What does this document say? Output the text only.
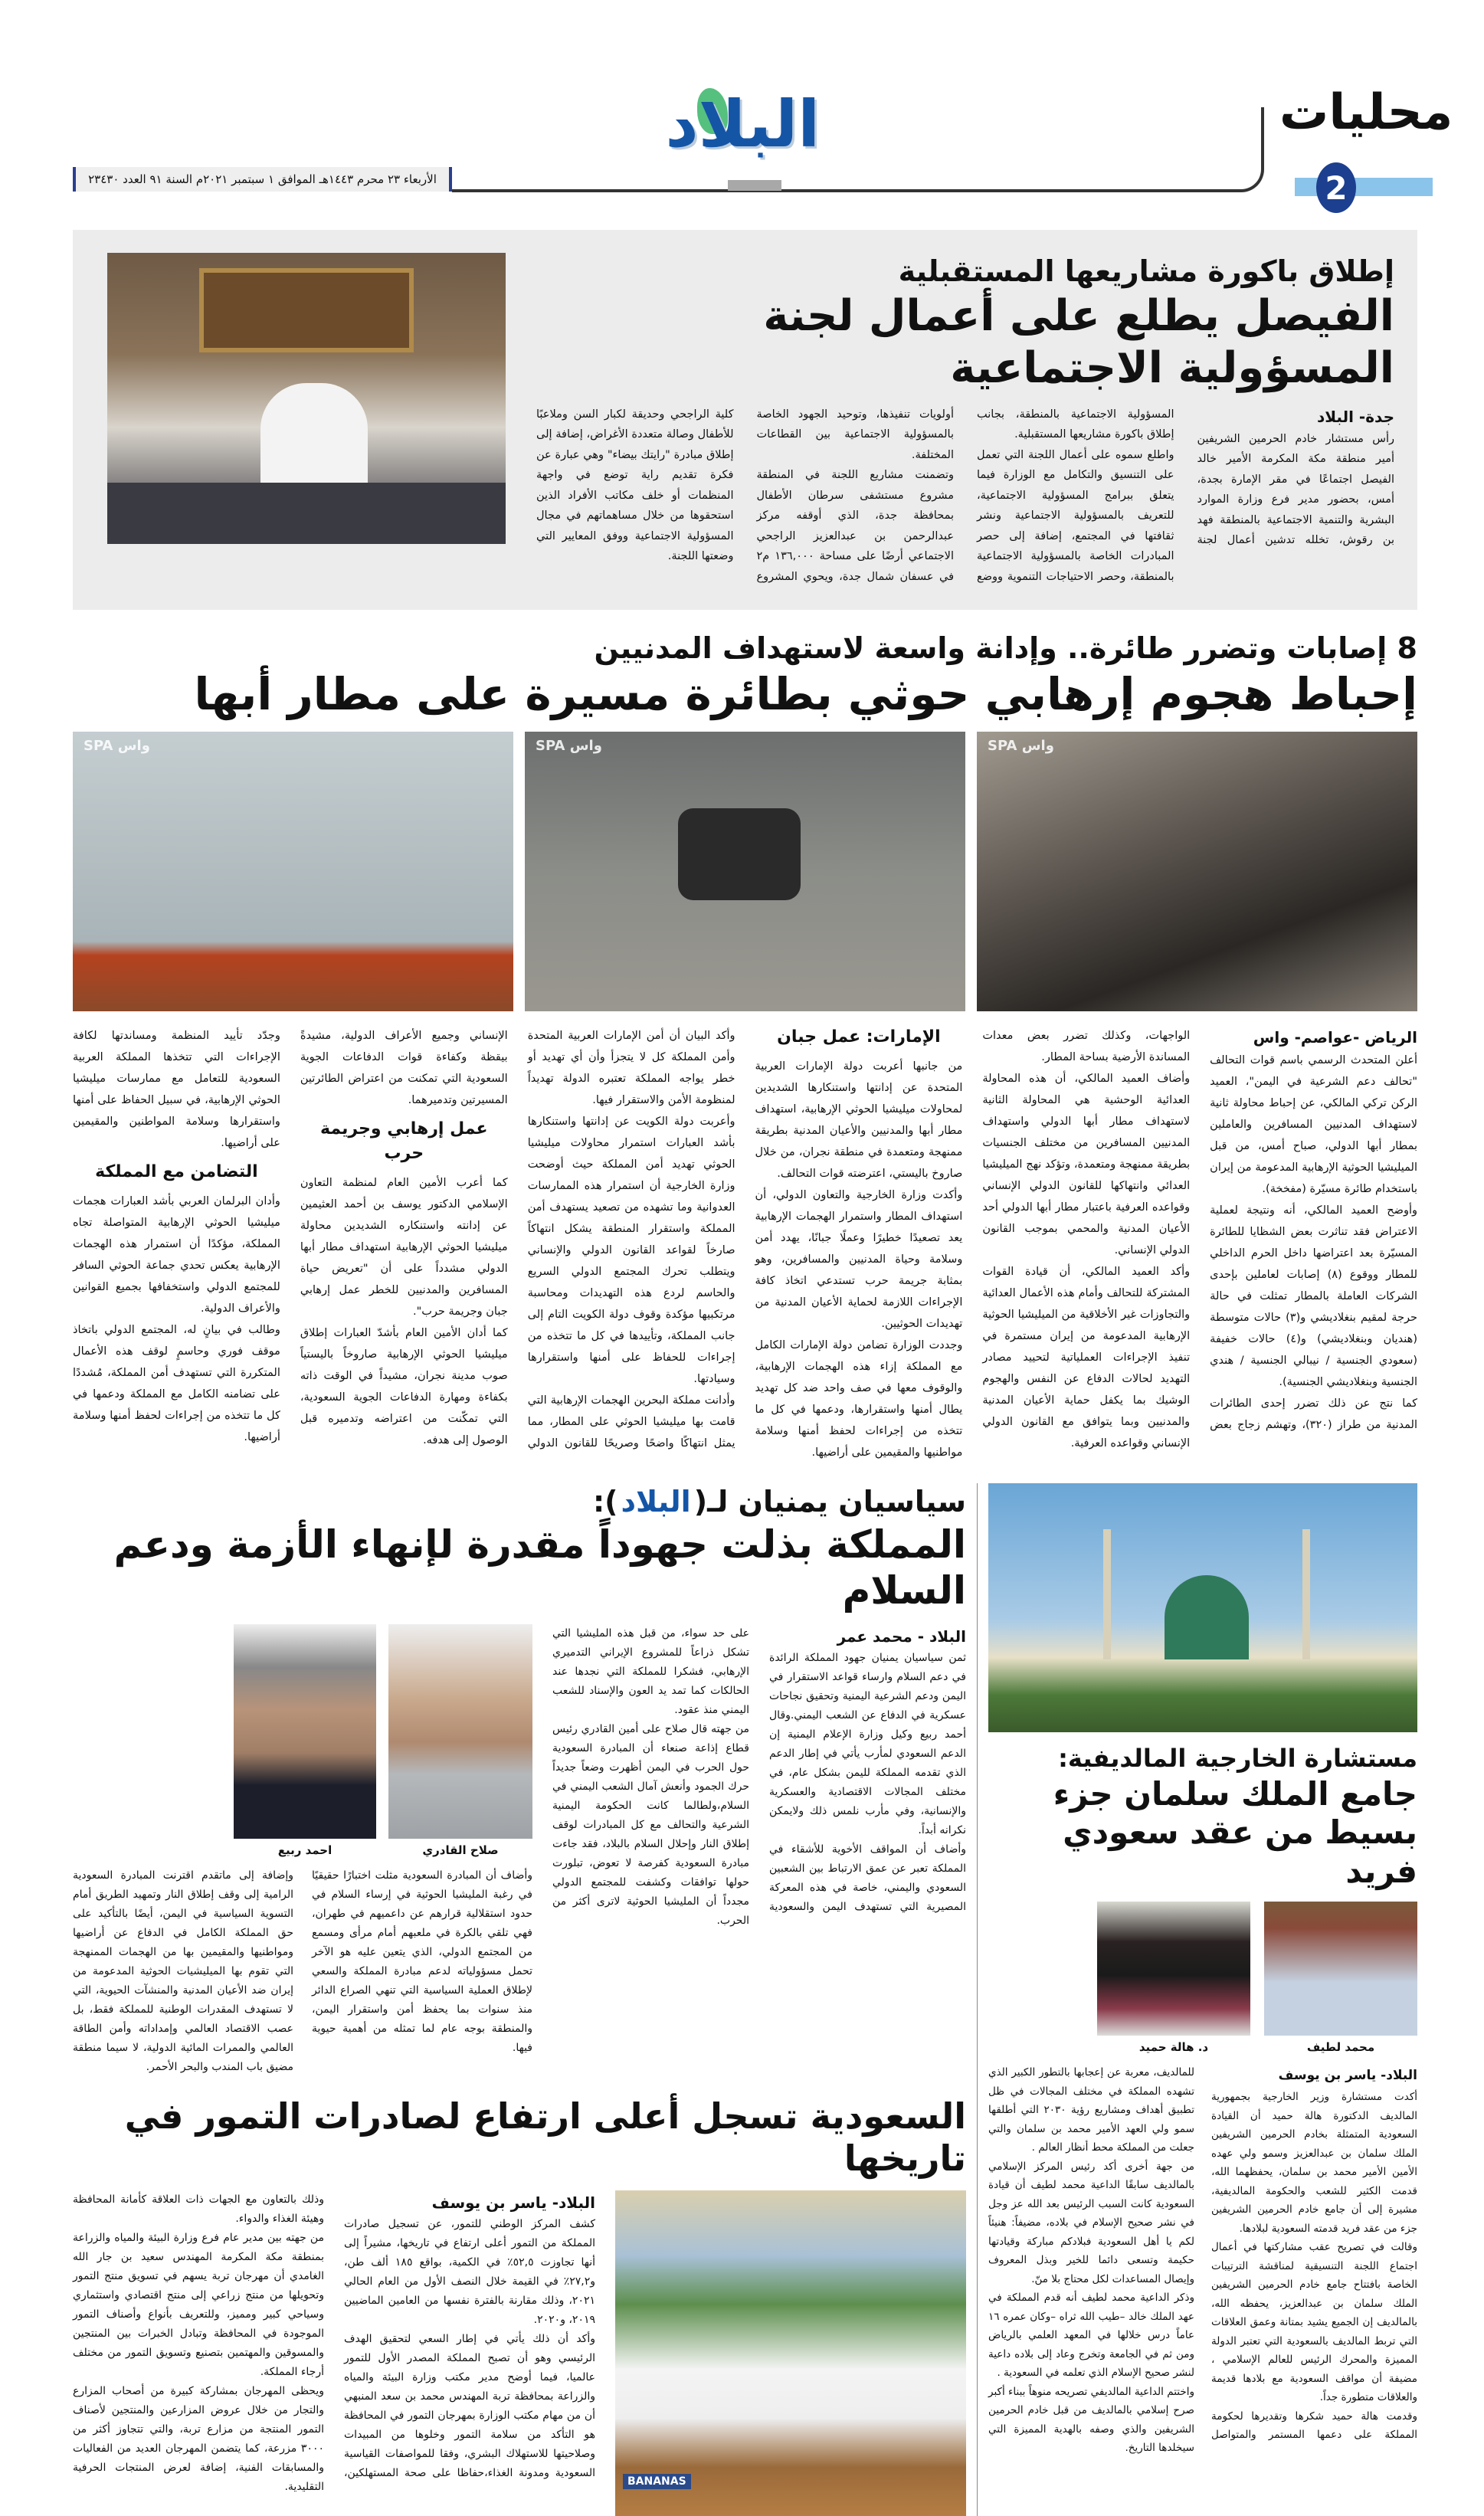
محليات
2
البلاد
الأربعاء ٢٣ محرم ١٤٤٣هـ الموافق ١ سبتمبر ٢٠٢١م السنة ٩١ العدد ٢٣٤٣٠
إطلاق باكورة مشاريعها المستقبلية
الفيصل يطلع على أعمال لجنة المسؤولية الاجتماعية

جدة- البلاد

رأس مستشار خادم الحرمين الشريفين أمير منطقة مكة المكرمة الأمير خالد الفيصل اجتماعًا في مقر الإمارة بجدة، أمس، بحضور مدير فرع وزارة الموارد البشرية والتنمية الاجتماعية بالمنطقة فهد بن رقوش، تخلله تدشين أعمال لجنة المسؤولية الاجتماعية بالمنطقة، بجانب إطلاق باكورة مشاريعها المستقبلية.

واطلع سموه على أعمال اللجنة التي تعمل على التنسيق والتكامل مع الوزارة فيما يتعلق ببرامج المسؤولية الاجتماعية، للتعريف بالمسؤولية الاجتماعية ونشر ثقافتها في المجتمع، إضافة إلى حصر المبادرات الخاصة بالمسؤولية الاجتماعية بالمنطقة، وحصر الاحتياجات التنموية ووضع أولويات تنفيذها، وتوحيد الجهود الخاصة بالمسؤولية الاجتماعية بين القطاعات المختلفة.

وتضمنت مشاريع اللجنة في المنطقة مشروع مستشفى سرطان الأطفال بمحافظة جدة، الذي أوقفه مركز عبدالرحمن بن عبدالعزيز الراجحي الاجتماعي أرضًا على مساحة ١٣٦,٠٠٠ م٢ في عسفان شمال جدة، ويحوي المشروع كلية الراجحي وحديقة لكبار السن وملاعبًا للأطفال وصالة متعددة الأغراض، إضافة إلى إطلاق مبادرة "رايتك بيضاء" وهي عبارة عن فكرة تقديم راية توضع في واجهة المنظمات أو خلف مكاتب الأفراد الذين استحقوها من خلال مساهماتهم في مجال المسؤولية الاجتماعية ووفق المعايير التي وضعتها اللجنة.

8 إصابات وتضرر طائرة.. وإدانة واسعة لاستهداف المدنيين
إحباط هجوم إرهابي حوثي بطائرة مسيرة على مطار أبها
واس SPA
واس SPA
واس SPA

الرياض -عواصم- واس

أعلن المتحدث الرسمي باسم قوات التحالف "تحالف دعم الشرعية في اليمن"، العميد الركن تركي المالكي، عن إحباط محاولة ثانية لاستهداف المدنيين المسافرين والعاملين بمطار أبها الدولي، صباح أمس، من قبل الميليشيا الحوثية الإرهابية المدعومة من إيران باستخدام طائرة مسيّرة (مفخخة).

وأوضح العميد المالكي، أنه ونتيجة لعملية الاعتراض فقد تناثرت بعض الشظايا للطائرة المسيّرة بعد اعتراضها داخل الحرم الداخلي للمطار ووقوع (٨) إصابات لعاملين بإحدى الشركات العاملة بالمطار تمثلت في حالة حرجة لمقيم بنغلاديشي و(٣) حالات متوسطة (هنديان وبنغلاديشي) و(٤) حالات خفيفة (سعودي الجنسية / نيبالي الجنسية / هندي الجنسية وبنغلاديشي الجنسية).

كما نتج عن ذلك تضرر إحدى الطائرات المدنية من طراز (٣٢٠)، وتهشم زجاج بعض الواجهات، وكذلك تضرر بعض معدات المساندة الأرضية بساحة المطار.

وأضاف العميد المالكي، أن هذه المحاولة العدائية الوحشية هي المحاولة الثانية لاستهداف مطار أبها الدولي واستهداف المدنيين المسافرين من مختلف الجنسيات بطريقة ممنهجة ومتعمدة، وتؤكد نهج الميليشيا العدائي وانتهاكها للقانون الدولي الإنساني وقواعده العرفية باعتبار مطار أبها الدولي أحد الأعيان المدنية والمحمي بموجب القانون الدولي الإنساني.

وأكد العميد المالكي، أن قيادة القوات المشتركة للتحالف وأمام هذه الأعمال العدائية والتجاوزات غير الأخلاقية من الميليشيا الحوثية الإرهابية المدعومة من إيران مستمرة في تنفيذ الإجراءات العملياتية لتحييد مصادر التهديد لحالات الدفاع عن النفس والهجوم الوشيك بما يكفل حماية الأعيان المدنية والمدنيين وبما يتوافق مع القانون الدولي الإنساني وقواعده العرفية.

الإمارات: عمل جبان

من جانبها أعربت دولة الإمارات العربية المتحدة عن إدانتها واستنكارها الشديدين لمحاولات ميليشيا الحوثي الإرهابية، استهداف مطار أبها والمدنيين والأعيان المدنية بطريقة ممنهجة ومتعمدة في منطقة نجران، من خلال صاروخ باليستي، اعترضته قوات التحالف.

وأكدت وزارة الخارجية والتعاون الدولي، أن استهداف المطار واستمرار الهجمات الإرهابية يعد تصعيدًا خطيرًا وعملًا جبانًا، يهدد أمن وسلامة وحياة المدنيين والمسافرين، وهو بمثابة جريمة حرب تستدعي اتخاذ كافة الإجراءات اللازمة لحماية الأعيان المدنية من تهديدات الحوثيين.

وجددت الوزارة تضامن دولة الإمارات الكامل مع المملكة إزاء هذه الهجمات الإرهابية، والوقوف معها في صف واحد ضد كل تهديد يطال أمنها واستقرارها، ودعمها في كل ما تتخذه من إجراءات لحفظ أمنها وسلامة مواطنيها والمقيمين على أراضيها.

وأكد البيان أن أمن الإمارات العربية المتحدة وأمن المملكة كل لا يتجزأ وأن أي تهديد أو خطر يواجه المملكة تعتبره الدولة تهديداً لمنظومة الأمن والاستقرار فيها.

وأعربت دولة الكويت عن إدانتها واستنكارها بأشد العبارات استمرار محاولات ميليشيا الحوثي تهديد أمن المملكة حيث أوضحت وزارة الخارجية أن استمرار هذه الممارسات العدوانية وما تشهده من تصعيد يستهدف أمن المملكة واستقرار المنطقة يشكل انتهاكاً صارخاً لقواعد القانون الدولي والإنساني ويتطلب تحرك المجتمع الدولي السريع والحاسم لردع هذه التهديدات ومحاسبة مرتكبيها مؤكدة وقوف دولة الكويت التام إلى جانب المملكة، وتأييدها في كل ما تتخذه من إجراءات للحفاظ على أمنها واستقرارها وسيادتها.

وأدانت مملكة البحرين الهجمات الإرهابية التي قامت بها ميليشيا الحوثي على المطار، مما يمثل انتهاكًا واضحًا وصريحًا للقانون الدولي الإنساني وجميع الأعراف الدولية، مشيدةً بيقظة وكفاءة قوات الدفاعات الجوية السعودية التي تمكنت من اعتراض الطائرتين المسيرتين وتدميرهما.

عمل إرهابي وجريمة حرب

كما أعرب الأمين العام لمنظمة التعاون الإسلامي الدكتور يوسف بن أحمد العثيمين عن إدانته واستنكاره الشديدين محاولة ميليشيا الحوثي الإرهابية استهداف مطار أبها الدولي مشدداً على أن "تعريض حياة المسافرين والمدنيين للخطر عمل إرهابي جبان وجريمة حرب".

كما أدان الأمين العام بأشدّ العبارات إطلاق ميليشيا الحوثي الإرهابية صاروخاً باليستياً صوب مدينة نجران، مشيداً في الوقت ذاته بكفاءة ومهارة الدفاعات الجوية السعودية، التي تمكّنت من اعتراضه وتدميره قبل الوصول إلى هدفه.

وجدّد تأييد المنظمة ومساندتها لكافة الإجراءات التي تتخذها المملكة العربية السعودية للتعامل مع ممارسات ميليشيا الحوثي الإرهابية، في سبيل الحفاظ على أمنها واستقرارها وسلامة المواطنين والمقيمين على أراضيها.

التضامن مع المملكة

وأدان البرلمان العربي بأشد العبارات هجمات ميليشيا الحوثي الإرهابية المتواصلة تجاه المملكة، مؤكدًا أن استمرار هذه الهجمات الإرهابية يعكس تحدي جماعة الحوثي السافر للمجتمع الدولي واستخفافها بجميع القوانين والأعراف الدولية.

وطالب في بيانٍ له، المجتمع الدولي باتخاذ موقف فوري وحاسمٍ لوقف هذه الأعمال المتكررة التي تستهدف أمن المملكة، مُشددًا على تضامنه الكامل مع المملكة ودعمها في كل ما تتخذه من إجراءات لحفظ أمنها وسلامة أراضيها.

مستشارة الخارجية المالديفية:
جامع الملك سلمان جزء بسيط من عقد سعودي فريد
محمد لطيف
د. هالة حميد

البلاد- ياسر بن يوسف

أكدت مستشارة وزير الخارجية بجمهورية المالديف الدكتورة هالة حميد أن القيادة السعودية المتمثلة بخادم الحرمين الشريفين الملك سلمان بن عبدالعزيز وسمو ولي عهده الأمين الأمير محمد بن سلمان، يحفظهما الله، قدمت الكثير للشعب والحكومة المالديفية، مشيرة إلى أن جامع خادم الحرمين الشريفين جزء من عقد فريد قدمته السعودية لبلادها.

وقالت في تصريح عقب مشاركتها في أعمال اجتماع اللجنة التنسيقية لمناقشة الترتيبات الخاصة بافتتاح جامع خادم الحرمين الشريفين الملك سلمان بن عبدالعزيز، يحفظه الله، بالمالديف إن الجميع يشيد بمتانة وعمق العلاقات التي تربط المالديف بالسعودية التي تعتبر الدولة المميزة والمحرك الرئيس للعالم الإسلامي ، مضيفة أن مواقف السعودية مع بلادها قديمة والعلاقات متطورة جداً.

وقدمت هالة حميد شكرها وتقديرها لحكومة المملكة على دعمها المستمر والمتواصل للمالديف، معربة عن إعجابها بالتطور الكبير الذي تشهده المملكة في مختلف المجالات في ظل تطبيق أهداف ومشاريع رؤية ٢٠٣٠ التي أطلقها سمو ولي العهد الأمير محمد بن سلمان والتي جعلت من المملكة محط أنظار العالم .

من جهة أخرى أكد رئيس المركز الإسلامي بالمالديف سابقًا الداعية محمد لطيف أن قيادة السعودية كانت السبب الرئيس بعد الله عز وجل في نشر صحيح الإسلام في بلاده، مضيفاً: هنيئاً لكم يا أهل السعودية فبلادكم مباركة وقيادتها حكيمة وتسعى دائما للخير وبذل المعروف وإيصال المساعدات لكل محتاج بلا منّ.

وذكر الداعية محمد لطيف أنه قدم المملكة في عهد الملك خالد –طيب الله ثراه –وكان عمره ١٦ عاماً درس خلالها في المعهد العلمي بالرياض ومن ثم في الجامعة وتخرج وعاد إلى بلاده داعية لنشر صحيح الإسلام الذي تعلمه في السعودية .

واختتم الداعية المالديفي تصريحه منوهاً ببناء أكبر صرح إسلامي بالمالديف من قبل خادم الحرمين الشريفين والذي وصفه بالهدية المميزة التي سيخلدها التاريخ.

سياسيان يمنيان لـ(
البلاد
):
المملكة بذلت جهوداً مقدرة لإنهاء الأزمة ودعم السلام

البلاد - محمد عمر

ثمن سياسيان يمنيان جهود المملكة الرائدة في دعم السلام وارساء قواعد الاستقرار في اليمن ودعم الشرعية اليمنية وتحقيق نجاحات عسكرية في الدفاع عن الشعب اليمني.وقال أحمد ربيع وكيل وزارة الإعلام اليمنية إن الدعم السعودي لمأرب يأتي في إطار الدعم الذي تقدمه المملكة لليمن بشكل عام، في مختلف المجالات الاقتصادية والعسكرية والإنسانية، وفي مأرب نلمس ذلك ولايمكن نكرانه أبداً.

وأضاف أن المواقف الأخوية للأشقاء في المملكة تعبر عن عمق الارتباط بين الشعبين السعودي واليمني، خاصة في هذه المعركة المصيرية التي تستهدف اليمن والسعودية على حد سواء، من قبل هذه المليشيا التي تشكل ذراعاً للمشروع الإيراني التدميري الإرهابي، فشكرا للمملكة التي نجدها عند الحالكات كما تمد يد العون والإسناد للشعب اليمني منذ عقود.

من جهته قال صلاح على أمين القادري رئيس قطاع إذاعة صنعاء أن المبادرة السعودية حول الحرب في اليمن أظهرت وضعاً جديداً حرك الجمود وأنعش آمال الشعب اليمني في السلام،ولطالما كانت الحكومة اليمنية الشرعية والتحالف مع كل المبادرات لوقف إطلاق النار وإحلال السلام بالبلاد، فقد جاءت مبادرة السعودية كفرصة لا تعوض، تبلورت حولها توافقات وكشفت للمجتمع الدولي مجدداً أن المليشيا الحوثية لاترى أكثر من الحرب.

صلاح القادري
احمد ربيع

وأضاف أن المبادرة السعودية مثلت اختبارًا حقيقيًا في رغبة المليشيا الحوثية في إرساء السلام في حدود استقلالية قرارهم عن داعميهم في طهران، فهي تلقي بالكرة في ملعبهم أمام مرأى ومسمع من المجتمع الدولي، الذي يتعين عليه هو الآخر تحمل مسؤولياته لدعم مبادرة المملكة والسعي لإطلاق العملية السياسية التي تنهي الصراع الدائر منذ سنوات بما يحفظ أمن واستقرار اليمن، والمنطقة بوجه عام لما تمثله من أهمية حيوية فيها.

وإضافة إلى ماتقدم اقترنت المبادرة السعودية الرامية إلى وقف إطلاق النار وتمهيد الطريق أمام التسوية السياسية في اليمن، أيضًا بالتأكيد على حق المملكة الكامل في الدفاع عن أراضيها ومواطنيها والمقيمين بها من الهجمات الممنهجة التي تقوم بها الميليشيات الحوثية المدعومة من إيران ضد الأعيان المدنية والمنشآت الحيوية، التي لا تستهدف المقدرات الوطنية للمملكة فقط، بل عصب الاقتصاد العالمي وإمداداته وأمن الطاقة العالمي والممرات المائية الدولية، لا سيما منطقة مضيق باب المندب والبحر الأحمر.

السعودية تسجل أعلى ارتفاع لصادرات التمور في تاريخها
BANANAS

البلاد- ياسر بن يوسف

كشف المركز الوطني للتمور، عن تسجيل صادرات المملكة من التمور أعلى ارتفاع في تاريخها، مشيراً إلى أنها تجاوزت ٥٢,٥٪ في الكمية، بواقع ١٨٥ ألف طن، و٢٧,٢٪ في القيمة خلال النصف الأول من العام الحالي ٢٠٢١، وذلك مقارنة بالفترة نفسها من العامين الماضيين ٢٠١٩، و٢٠٢٠.

وأكد أن ذلك يأتي في إطار السعي لتحقيق الهدف الرئيسي وهو أن تصبح المملكة المصدر الأول للتمور عالميا، فيما أوضح مدير مكتب وزارة البيئة والمياه والزراعة بمحافظة تربة المهندس محمد بن سعد المنبهي أن من مهام مكتب الوزارة بمهرجان التمور في المحافظة هو التأكد من سلامة التمور وخلوها من المبيدات وصلاحيتها للاستهلاك البشري، وفقا للمواصفات القياسية السعودية ومدونة الغذاء،حفاظا على صحة المستهلكين، وذلك بالتعاون مع الجهات ذات العلاقة كأمانة المحافظة وهيئة الغذاء والدواء.

من جهته بين مدير عام فرع وزارة البيئة والمياه والزراعة بمنطقة مكة المكرمة المهندس سعيد بن جار الله الغامدي أن مهرجان تربة يسهم في تسويق منتج التمور وتحويلها من منتج زراعي إلى منتج اقتصادي واستثماري وسياحي كبير ومميز، وللتعريف بأنواع وأصناف التمور الموجودة في المحافظة وتبادل الخبرات بين المنتجين والمسوقين والمهتمين بتصنيع وتسويق التمور من مختلف أرجاء المملكة.

ويحظى المهرجان بمشاركة كبيرة من أصحاب المزارع والتجار من خلال عروض المزارعين والمنتجين لأصناف التمور المنتجة من مزارع تربة، والتي تتجاوز أكثر من ٣٠٠٠ مزرعة، كما يتضمن المهرجان العديد من الفعاليات والمسابقات الفنية، إضافة لعرض المنتجات الحرفية التقليدية.
